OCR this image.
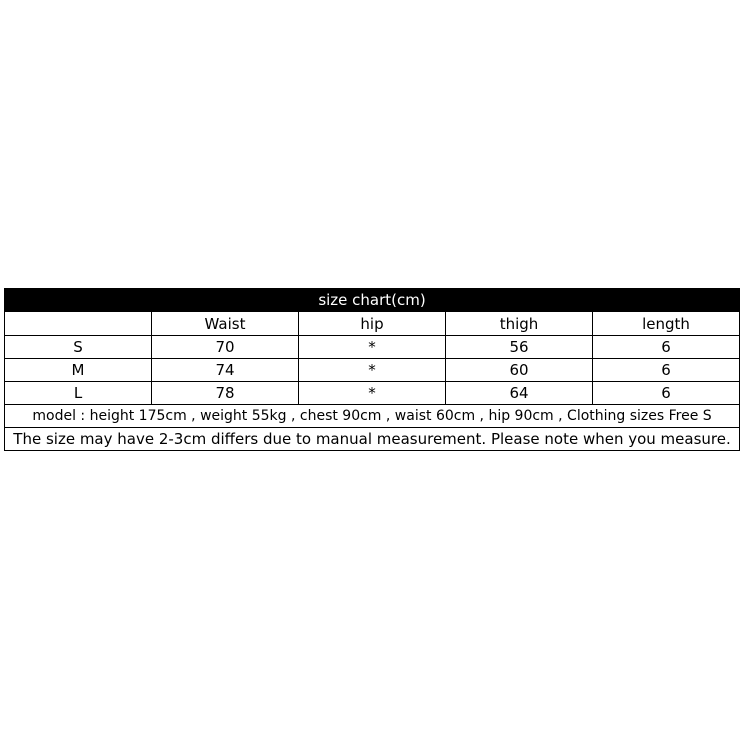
size chart(cm)				
	Waist	hip	thigh	length
S	70	*	56	6
M	74	*	60	6
L	78	*	64	6
model : height 175cm , weight 55kg , chest 90cm , waist 60cm , hip 90cm , Clothing sizes Free S				
The size may have 2-3cm differs due to manual measurement. Please note when you measure.				
